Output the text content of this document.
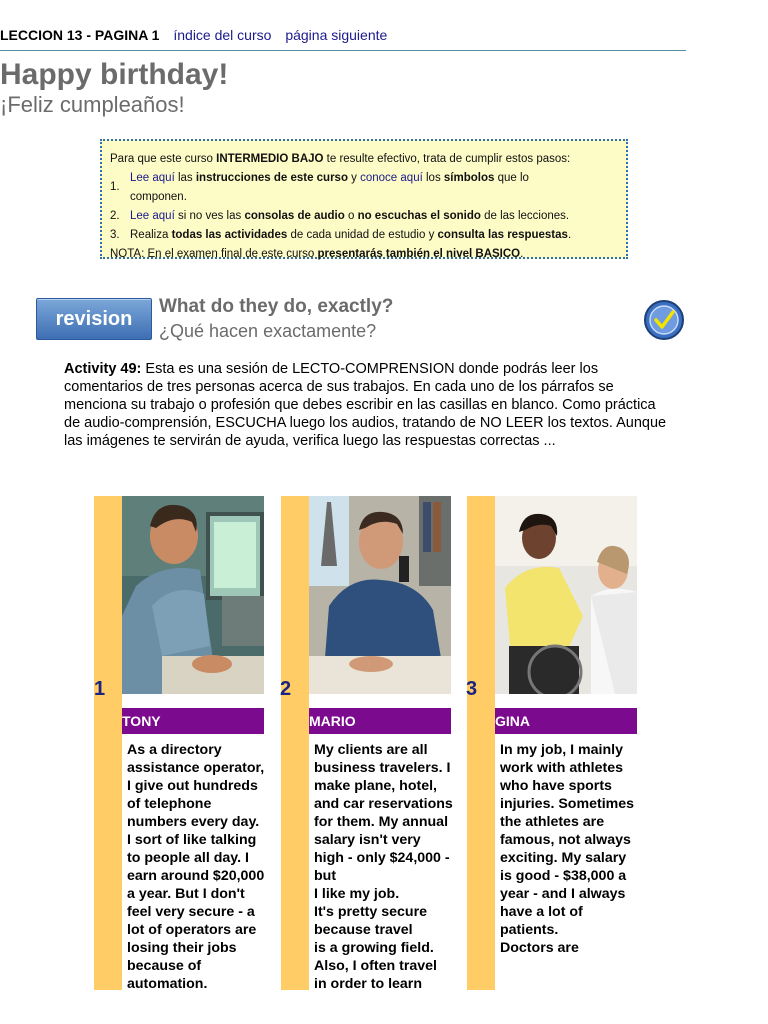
LECCION 13 - PAGINA 1 índice del curso página siguiente
Happy birthday!
¡Feliz cumpleaños!
Para que este curso INTERMEDIO BAJO te resulte efectivo, trata de cumplir estos pasos:
1.
Lee aquí las instrucciones de este curso y conoce aquí los símbolos que lo
componen.
2. Lee aquí si no ves las consolas de audio o no escuchas el sonido de las lecciones.
3. Realiza todas las actividades de cada unidad de estudio y consulta las respuestas.
NOTA: En el examen final de este curso presentarás también el nivel BASICO.
revision
What do they do, exactly?
¿Qué hacen exactamente?
Activity 49: Esta es una sesión de LECTO-COMPRENSION donde podrás leer los comentarios de tres personas acerca de sus trabajos. En cada uno de los párrafos se menciona su trabajo o profesión que debes escribir en las casillas en blanco. Como práctica de audio-comprensión, ESCUCHA luego los audios, tratando de NO LEER los textos. Aunque las imágenes te servirán de ayuda, verifica luego las respuestas correctas ...
TONY
As a directory assistance operator, I give out hundreds of telephone numbers every day. I sort of like talking to people all day. I earn around $20,000 a year. But I don't feel very secure - a lot of operators are losing their jobs because of automation.
1
MARIO
My clients are all business travelers. I make plane, hotel, and car reservations for them. My annual salary isn't very high - only $24,000 - but
I like my job.
It's pretty secure because travel
is a growing field. Also, I often travel
in order to learn
2
GINA
In my job, I mainly work with athletes who have sports injuries. Sometimes the athletes are famous, not always exciting. My salary is good - $38,000 a year - and I always
have a lot of patients.
Doctors are
3
